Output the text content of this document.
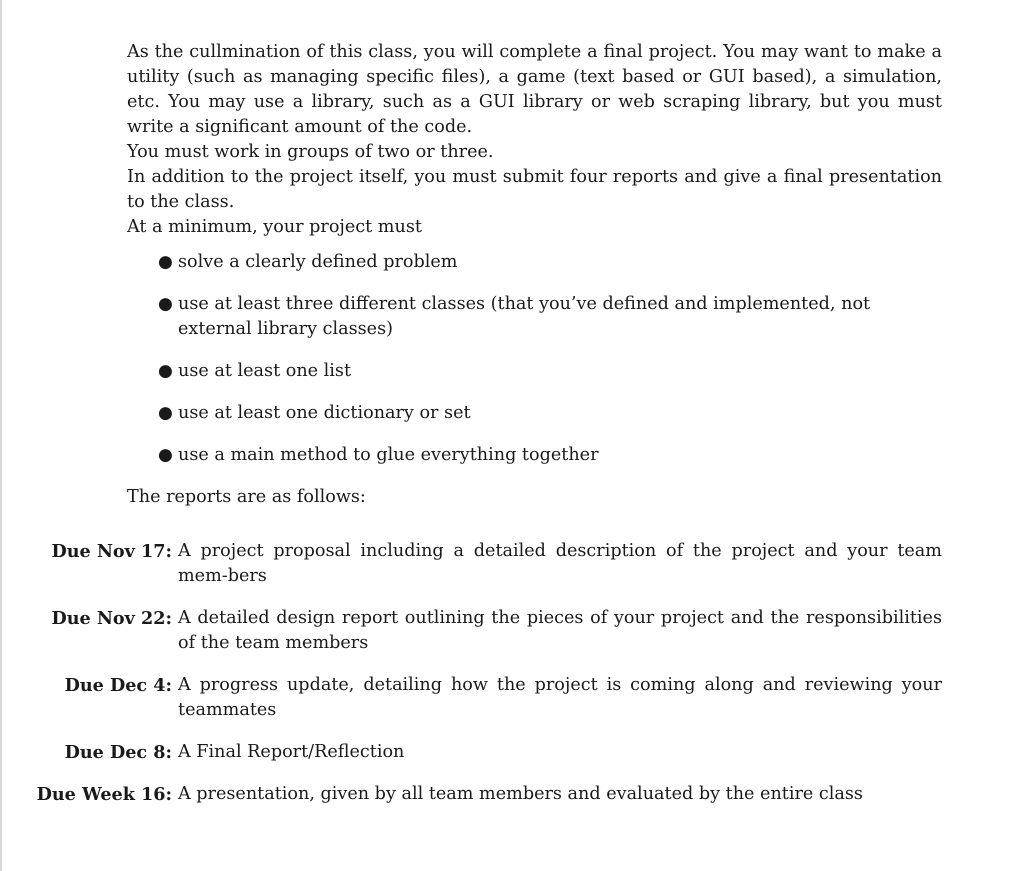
As the cullmination of this class, you will complete a final project. You may want to make a utility (such as managing specific files), a game (text based or GUI based), a simulation, etc. You may use a library, such as a GUI library or web scraping library, but you must write a significant amount of the code.

You must work in groups of two or three.

In addition to the project itself, you must submit four reports and give a final presentation to the class.

At a minimum, your project must

● solve a clearly defined problem
● use at least three different classes (that you’ve defined and implemented, not external library classes)
● use at least one list
● use at least one dictionary or set
● use a main method to glue everything together

The reports are as follows:

Due Nov 17: A project proposal including a detailed description of the project and your team mem-bers
Due Nov 22: A detailed design report outlining the pieces of your project and the responsibilities of the team members
Due Dec 4: A progress update, detailing how the project is coming along and reviewing your teammates
Due Dec 8: A Final Report/Reflection
Due Week 16: A presentation, given by all team members and evaluated by the entire class
